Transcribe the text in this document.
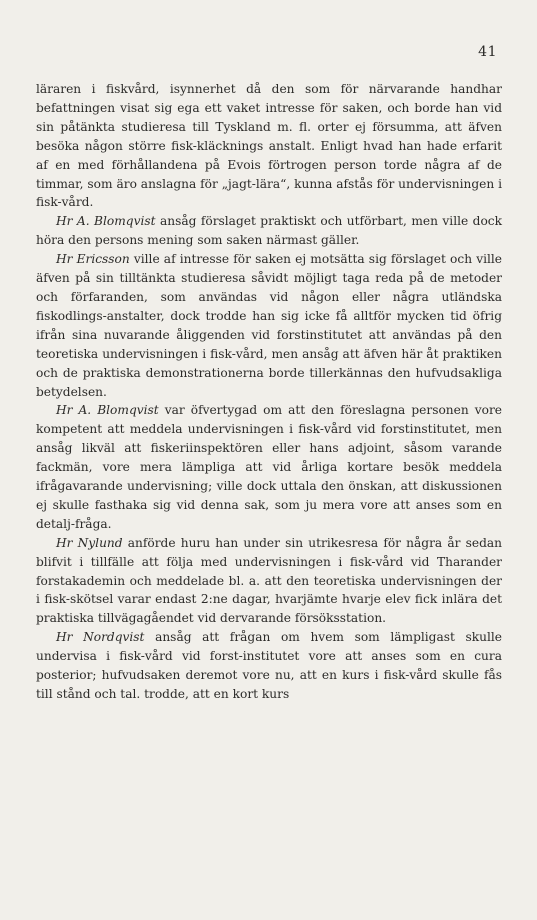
41

läraren i fiskvård, isynnerhet då den som för närvarande handhar befattningen visat sig ega ett vaket intresse för saken, och borde han vid sin påtänkta studieresa till Tyskland m. fl. orter ej försumma, att äfven besöka någon större fisk-kläcknings anstalt. Enligt hvad han hade erfarit af en med förhållandena på Evois förtrogen person torde några af de timmar, som äro anslagna för „jagt-lära“, kunna afstås för undervisningen i fisk-vård.

Hr A. Blomqvist ansåg förslaget praktiskt och utförbart, men ville dock höra den persons mening som saken närmast gäller.

Hr Ericsson ville af intresse för saken ej motsätta sig förslaget och ville äfven på sin tilltänkta studieresa såvidt möjligt taga reda på de metoder och förfaranden, som användas vid någon eller några utländska fiskodlings-anstalter, dock trodde han sig icke få alltför mycken tid öfrig ifrån sina nuvarande åliggenden vid forstinstitutet att användas på den teoretiska undervisningen i fisk-vård, men ansåg att äfven här åt praktiken och de praktiska demonstrationerna borde tillerkännas den hufvudsakliga betydelsen.

Hr A. Blomqvist var öfvertygad om att den föreslagna personen vore kompetent att meddela undervisningen i fisk-vård vid forstinstitutet, men ansåg likväl att fiskeriinspektören eller hans adjoint, såsom varande fackmän, vore mera lämpliga att vid årliga kortare besök meddela ifrågavarande undervisning; ville dock uttala den önskan, att diskussionen ej skulle fasthaka sig vid denna sak, som ju mera vore att anses som en detalj-fråga.

Hr Nylund anförde huru han under sin utrikesresa för några år sedan blifvit i tillfälle att följa med undervisningen i fisk-vård vid Tharander forstakademin och meddelade bl. a. att den teoretiska undervisningen der i fisk-skötsel varar endast 2:ne dagar, hvarjämte hvarje elev fick inlära det praktiska tillvägagåendet vid dervarande försöksstation.

Hr Nordqvist ansåg att frågan om hvem som lämpligast skulle undervisa i fisk-vård vid forst-institutet vore att anses som en cura posterior; hufvudsaken deremot vore nu, att en kurs i fisk-vård skulle fås till stånd och tal. trodde, att en kort kurs
